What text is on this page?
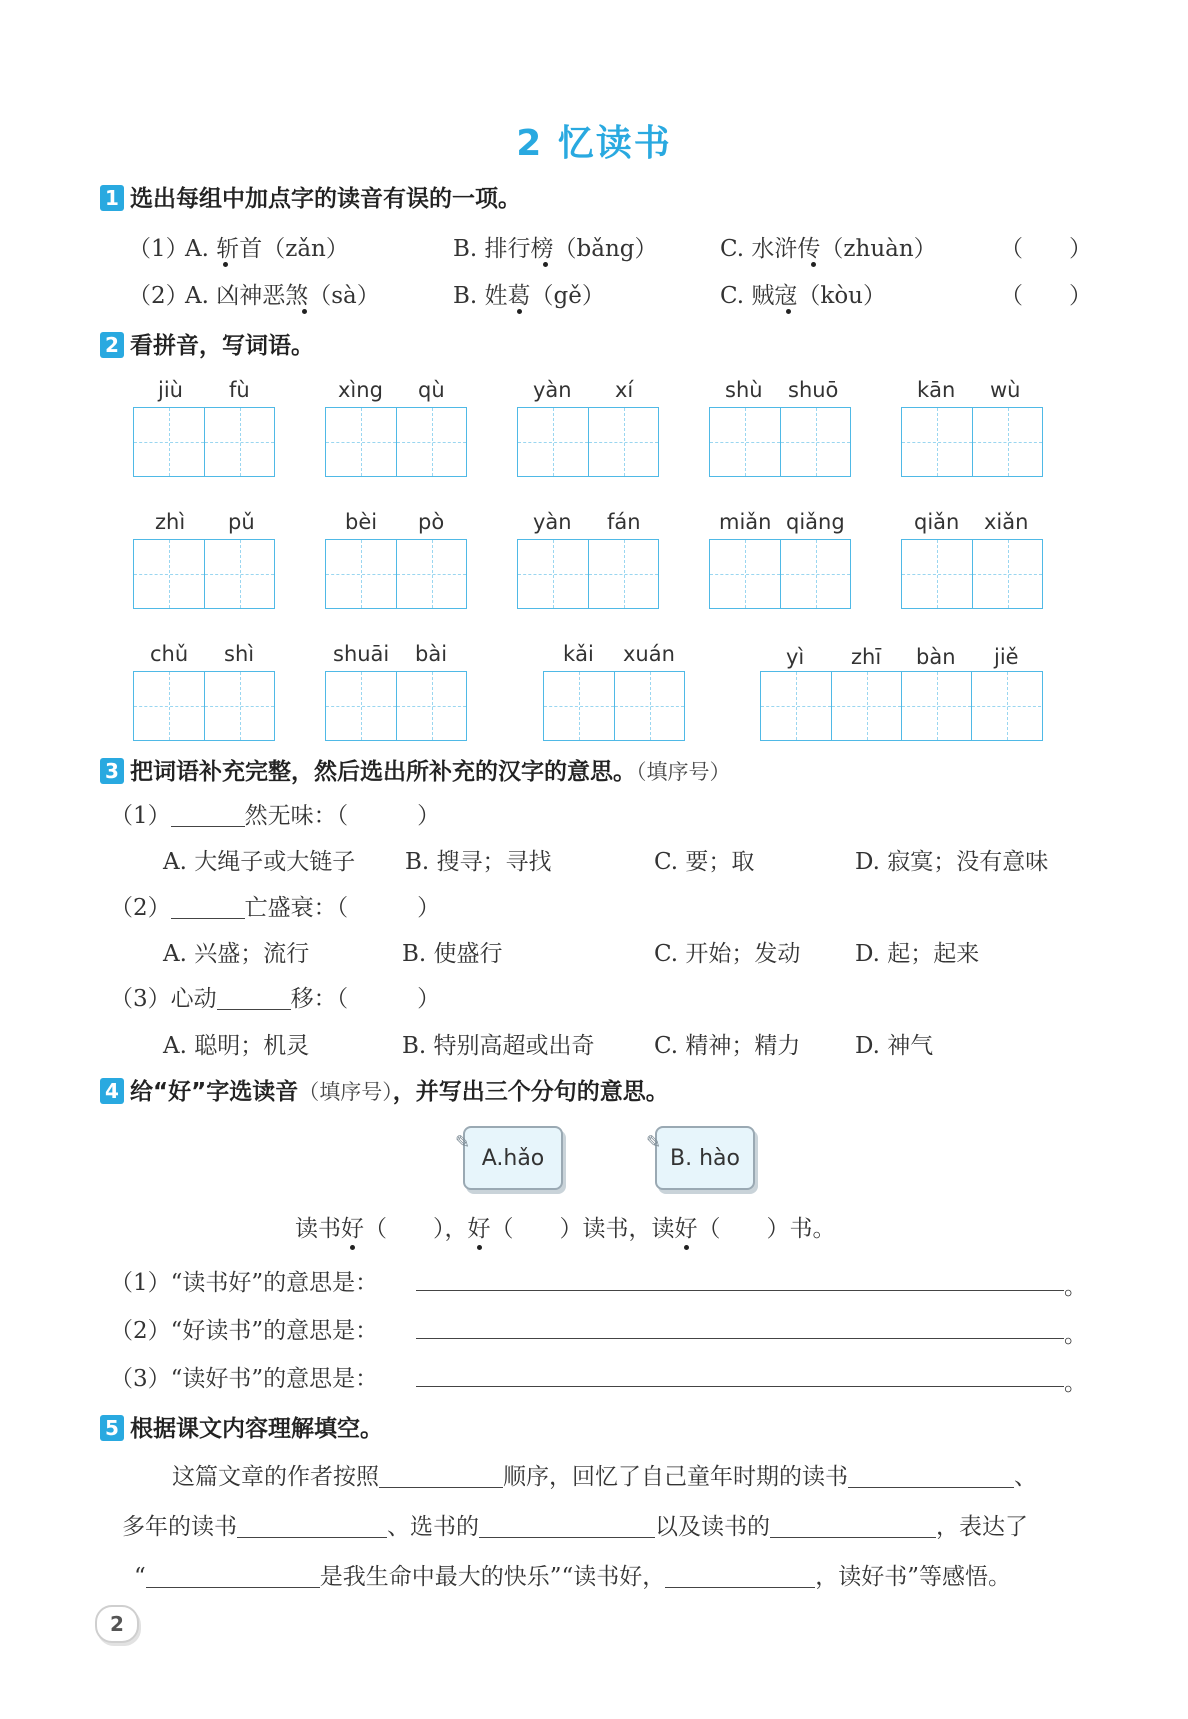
2 忆读书
1 选出每组中加点字的读音有误的一项。
（1）
A. 斩首（zǎn）	B. 排行榜（bǎng）	C. 水浒传（zhuàn）	（　　）
（2）
A. 凶神恶煞（sà）	B. 姓葛（gě）	C. 贼寇（kòu）	（　　）
2 看拼音，写词语。
jiù fù	xìng qù	yàn xí	shù shuō	kān wù
zhì pǔ	bèi pò	yàn fán	miǎn qiǎng	qiǎn xiǎn
chǔ shì	shuāi bài	kǎi xuán	yì zhī bàn jiě
3 把词语补充完整，然后选出所补充的汉字的意思。（填序号）
（1）	然无味：（　　　）
A. 大绳子或大链子 B. 搜寻；寻找	C. 要；取	D. 寂寞；没有意味
（2）	亡盛衰：（　　　）
A. 兴盛；流行	B. 使盛行	C. 开始；发动 D. 起；起来
（3）心动	移：（　　　）
A. 聪明；机灵	B. 特别高超或出奇	C. 精神；精力 D. 神气
4 给“好”字选读音（填序号），并写出三个分句的意思。
A.hǎo
✎
B. hào
✎
读书好（　　），好（　　）读书，读好（　　）书。
（1）“读书好”的意思是：	。
（2）“好读书”的意思是：	。
（3）“读好书”的意思是：	。
5 根据课文内容理解填空。
这篇文章的作者按照	顺序，回忆了自己童年时期的读书	、
多年的读书	、选书的	以及读书的	，表达了
“	是我生命中最大的快乐”“读书好，	，读好书”等感悟。
2
